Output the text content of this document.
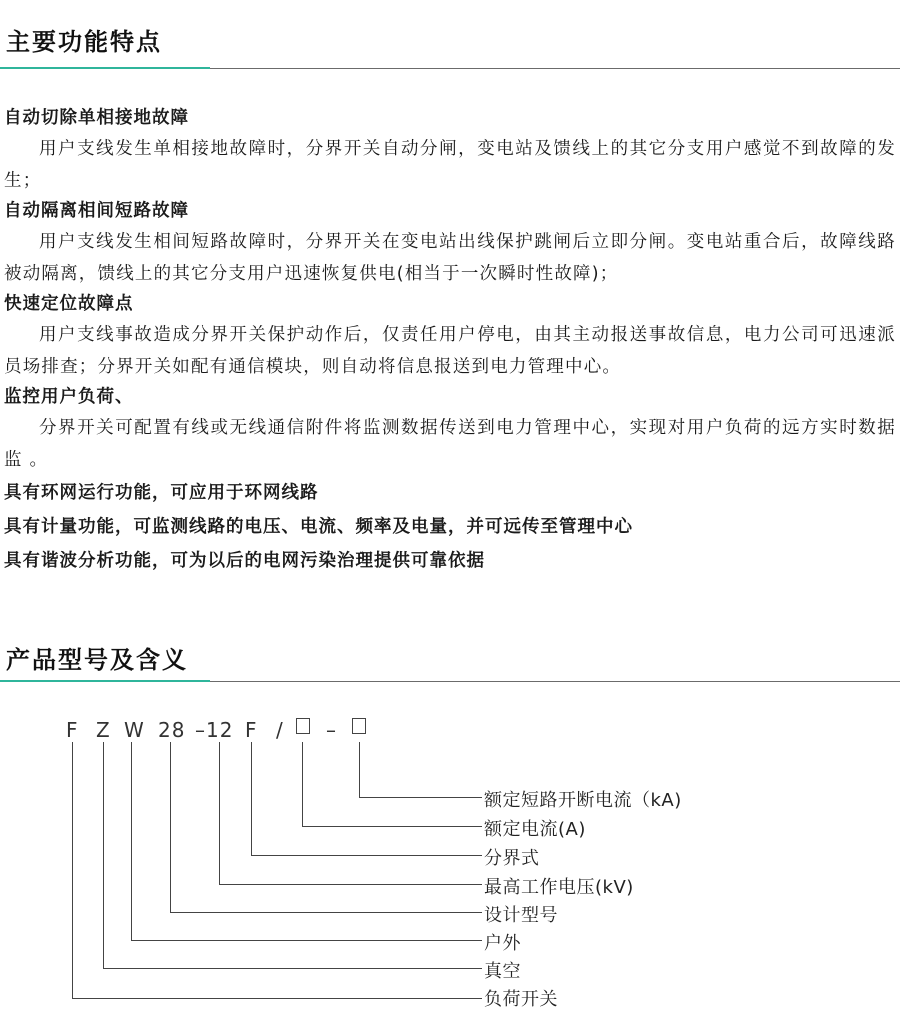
主要功能特点
自动切除单相接地故障
用户支线发生单相接地故障时，分界开关自动分闸，变电站及馈线上的其它分支用户感觉不到故障的发生；
自动隔离相间短路故障
用户支线发生相间短路故障时，分界开关在变电站出线保护跳闸后立即分闸。变电站重合后，故障线路被动隔离，馈线上的其它分支用户迅速恢复供电(相当于一次瞬时性故障)；
快速定位故障点
用户支线事故造成分界开关保护动作后，仅责任用户停电，由其主动报送事故信息，电力公司可迅速派员场排查；分界开关如配有通信模块，则自动将信息报送到电力管理中心。
监控用户负荷、
分界开关可配置有线或无线通信附件将监测数据传送到电力管理中心，实现对用户负荷的远方实时数据监 。
具有环网运行功能，可应用于环网线路
具有计量功能，可监测线路的电压、电流、频率及电量，并可远传至管理中心
具有谐波分析功能，可为以后的电网污染治理提供可靠依据
产品型号及含义
F Z W 28 –12 F / –
额定短路开断电流（kA)
额定电流(A)
分界式
最高工作电压(kV)
设计型号
户外
真空
负荷开关
